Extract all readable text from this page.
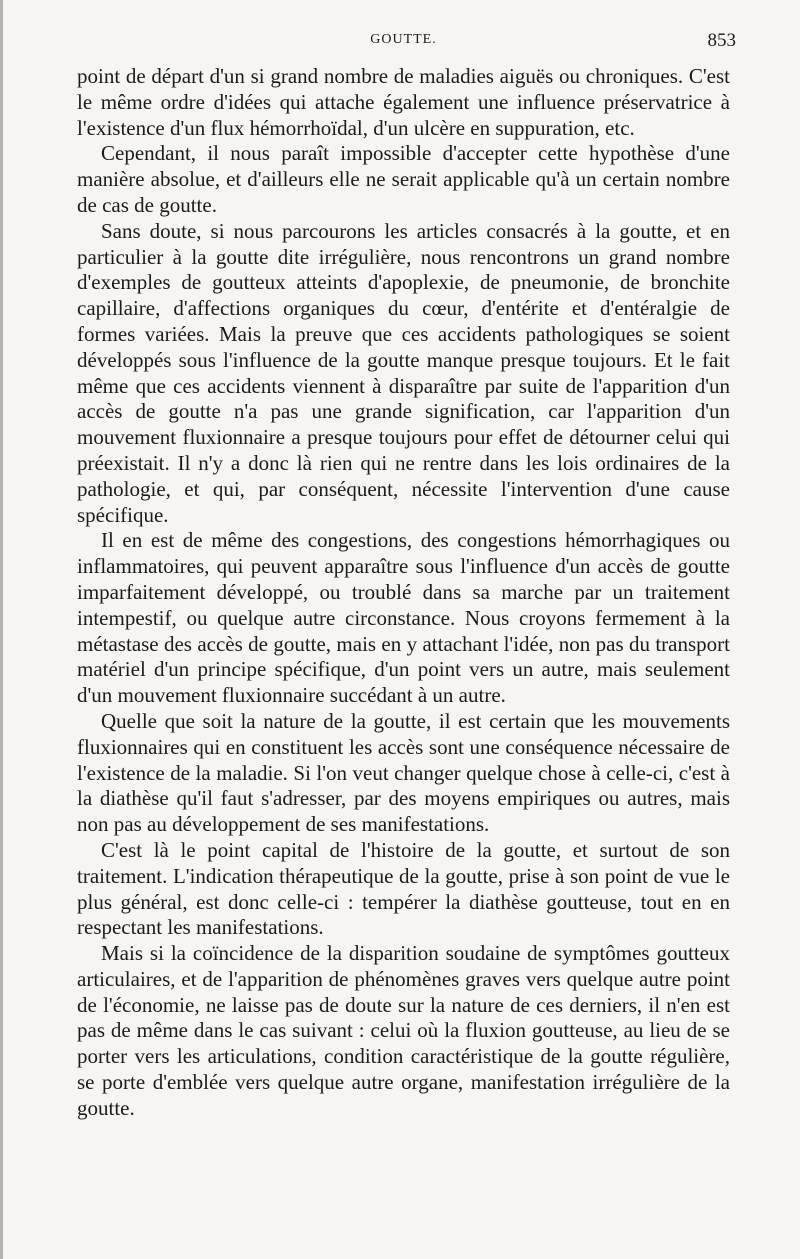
GOUTTE.	853

point de départ d'un si grand nombre de maladies aiguës ou chroniques. C'est le même ordre d'idées qui attache également une influence préservatrice à l'existence d'un flux hémorrhoïdal, d'un ulcère en suppuration, etc.

Cependant, il nous paraît impossible d'accepter cette hypothèse d'une manière absolue, et d'ailleurs elle ne serait applicable qu'à un certain nombre de cas de goutte.

Sans doute, si nous parcourons les articles consacrés à la goutte, et en particulier à la goutte dite irrégulière, nous rencontrons un grand nombre d'exemples de goutteux atteints d'apoplexie, de pneumonie, de bronchite capillaire, d'affections organiques du cœur, d'entérite et d'entéralgie de formes variées. Mais la preuve que ces accidents pathologiques se soient développés sous l'influence de la goutte manque presque toujours. Et le fait même que ces accidents viennent à disparaître par suite de l'apparition d'un accès de goutte n'a pas une grande signification, car l'apparition d'un mouvement fluxionnaire a presque toujours pour effet de détourner celui qui préexistait. Il n'y a donc là rien qui ne rentre dans les lois ordinaires de la pathologie, et qui, par conséquent, nécessite l'intervention d'une cause spécifique.

Il en est de même des congestions, des congestions hémorrhagiques ou inflammatoires, qui peuvent apparaître sous l'influence d'un accès de goutte imparfaitement développé, ou troublé dans sa marche par un traitement intempestif, ou quelque autre circonstance. Nous croyons fermement à la métastase des accès de goutte, mais en y attachant l'idée, non pas du transport matériel d'un principe spécifique, d'un point vers un autre, mais seulement d'un mouvement fluxionnaire succédant à un autre.

Quelle que soit la nature de la goutte, il est certain que les mouvements fluxionnaires qui en constituent les accès sont une conséquence nécessaire de l'existence de la maladie. Si l'on veut changer quelque chose à celle-ci, c'est à la diathèse qu'il faut s'adresser, par des moyens empiriques ou autres, mais non pas au développement de ses manifestations.

C'est là le point capital de l'histoire de la goutte, et surtout de son traitement. L'indication thérapeutique de la goutte, prise à son point de vue le plus général, est donc celle-ci : tempérer la diathèse goutteuse, tout en en respectant les manifestations.

Mais si la coïncidence de la disparition soudaine de symptômes goutteux articulaires, et de l'apparition de phénomènes graves vers quelque autre point de l'économie, ne laisse pas de doute sur la nature de ces derniers, il n'en est pas de même dans le cas suivant : celui où la fluxion goutteuse, au lieu de se porter vers les articulations, condition caractéristique de la goutte régulière, se porte d'emblée vers quelque autre organe, manifestation irrégulière de la goutte.
